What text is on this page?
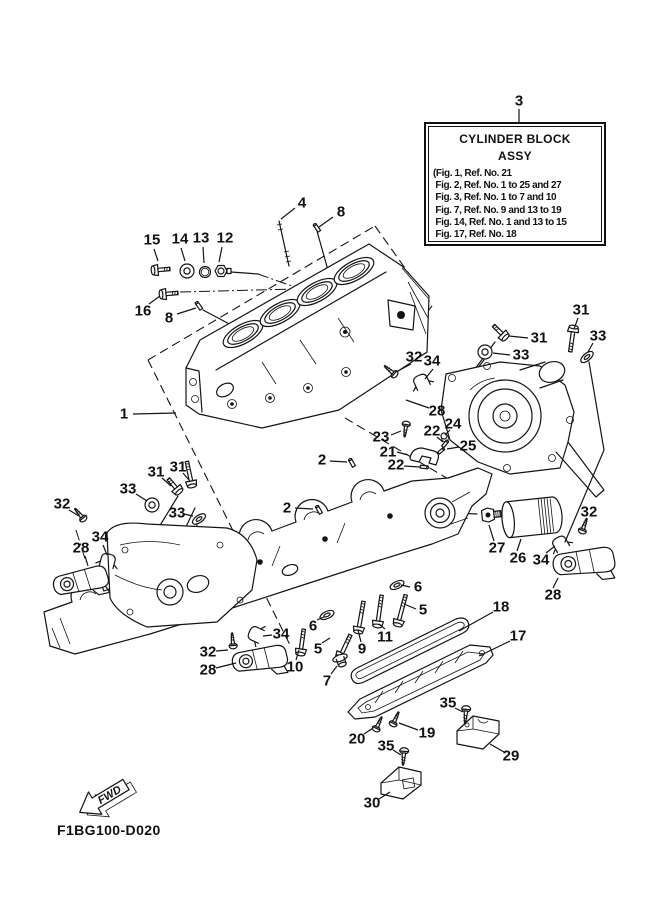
FWD
3
4
8
15 14 13 12
16 8
1
31
33
31
33
32 34
28
23
24
22
25
21
22
2
2
32
33
31 31
33
34
28	27
26 34
28
32
34
32
28	10
6
5
7
9
11
5
6
18
17
20	19
35
29
35
30
CYLINDER BLOCK
ASSY
(Fig. 1, Ref. No. 21
Fig. 2, Ref. No. 1 to 25 and 27
Fig. 3, Ref. No. 1 to 7 and 10
Fig. 7, Ref. No. 9 and 13 to 19
Fig. 14, Ref. No. 1 and 13 to 15
Fig. 17, Ref. No. 18
F1BG100-D020
